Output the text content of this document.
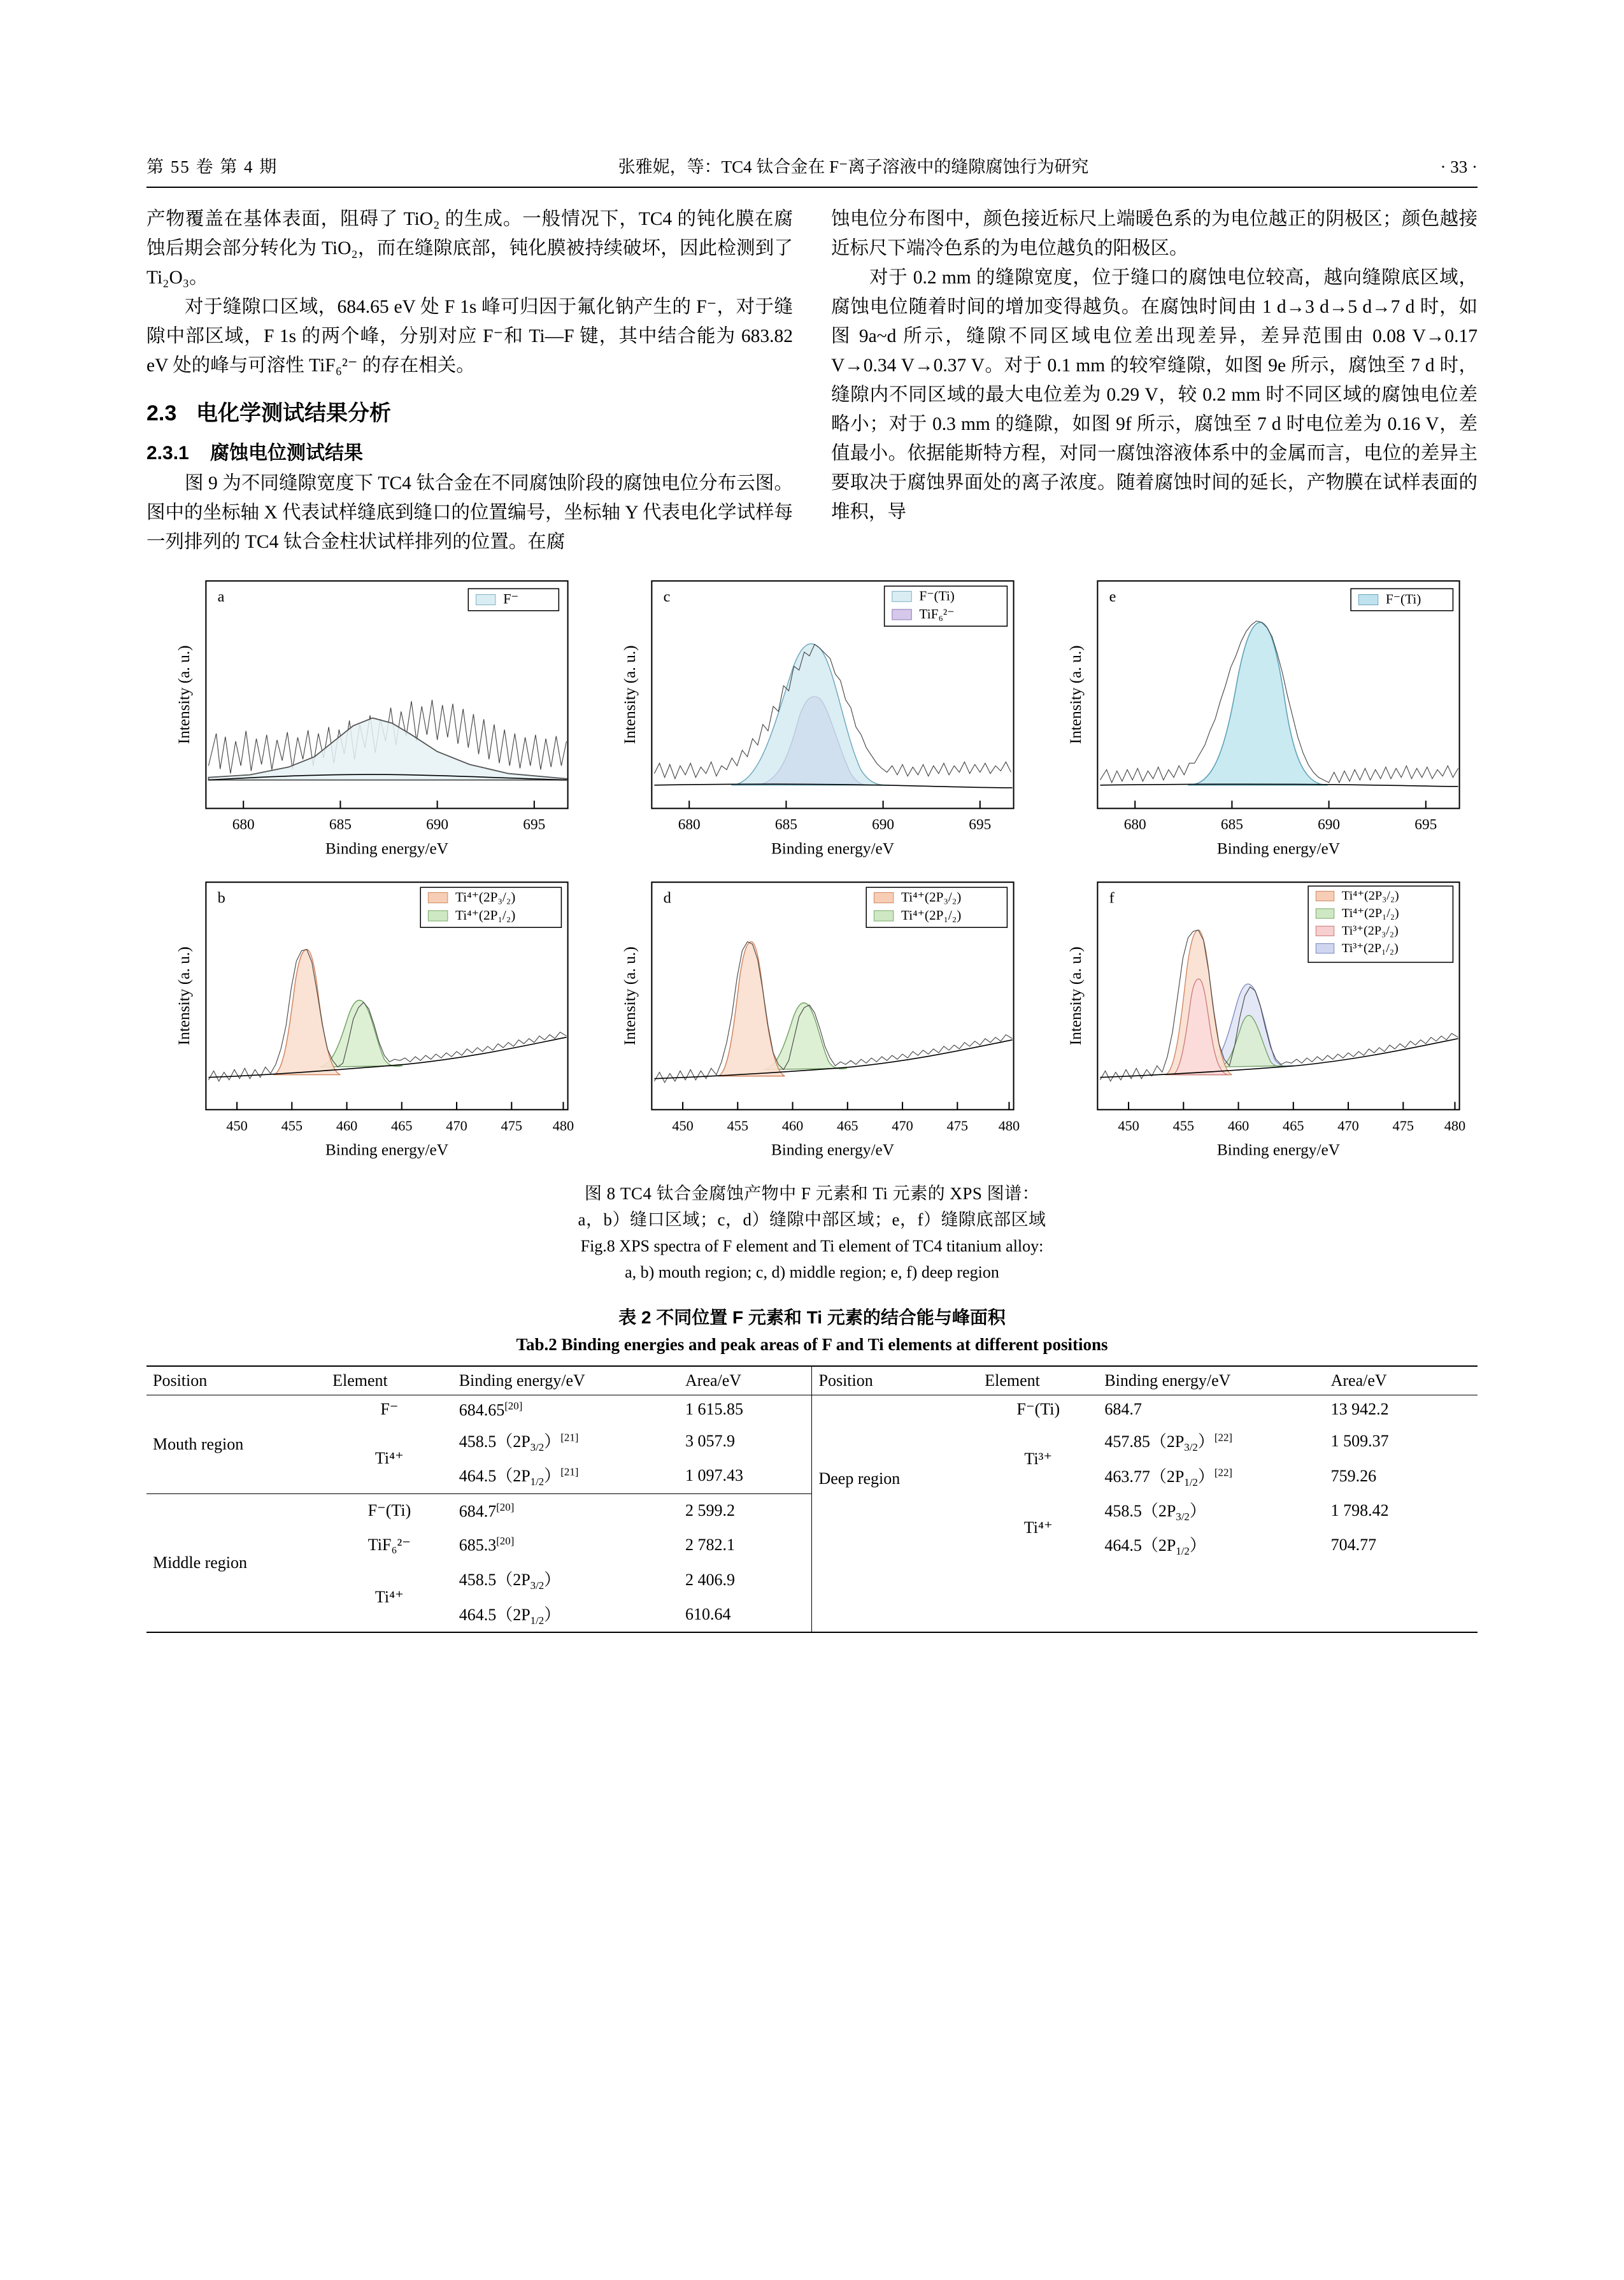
第 55 卷 第 4 期	张雅妮，等：TC4 钛合金在 F⁻离子溶液中的缝隙腐蚀行为研究	· 33 ·

产物覆盖在基体表面，阻碍了 TiO₂ 的生成。一般情况下，TC4 的钝化膜在腐蚀后期会部分转化为 TiO₂，而在缝隙底部，钝化膜被持续破坏，因此检测到了 Ti₂O₃。

对于缝隙口区域，684.65 eV 处 F 1s 峰可归因于氟化钠产生的 F⁻，对于缝隙中部区域，F 1s 的两个峰，分别对应 F⁻和 Ti—F 键，其中结合能为 683.82 eV 处的峰与可溶性 TiF₆²⁻ 的存在相关。

2.3 电化学测试结果分析
2.3.1 腐蚀电位测试结果

图 9 为不同缝隙宽度下 TC4 钛合金在不同腐蚀阶段的腐蚀电位分布云图。图中的坐标轴 X 代表试样缝底到缝口的位置编号，坐标轴 Y 代表电化学试样每一列排列的 TC4 钛合金柱状试样排列的位置。在腐

蚀电位分布图中，颜色接近标尺上端暖色系的为电位越正的阴极区；颜色越接近标尺下端冷色系的为电位越负的阳极区。

对于 0.2 mm 的缝隙宽度，位于缝口的腐蚀电位较高，越向缝隙底区域，腐蚀电位随着时间的增加变得越负。在腐蚀时间由 1 d→3 d→5 d→7 d 时，如图 9a~d 所示，缝隙不同区域电位差出现差异，差异范围由 0.08 V→0.17 V→0.34 V→0.37 V。对于 0.1 mm 的较窄缝隙，如图 9e 所示，腐蚀至 7 d 时，缝隙内不同区域的最大电位差为 0.29 V，较 0.2 mm 时不同区域的腐蚀电位差略小；对于 0.3 mm 的缝隙，如图 9f 所示，腐蚀至 7 d 时电位差为 0.16 V，差值最小。依据能斯特方程，对同一腐蚀溶液体系中的金属而言，电位的差异主要取决于腐蚀界面处的离子浓度。随着腐蚀时间的延长，产物膜在试样表面的堆积，导

a	F⁻
680	685	690	695
Binding energy/eV
Intensity (a. u.)
c	F⁻(Ti)
TiF₆²⁻
680	685	690	695
Binding energy/eV
Intensity (a. u.)
e	F⁻(Ti)
680	685	690	695
Binding energy/eV
Intensity (a. u.)
b	Ti⁴⁺(2P₃/₂)
Ti⁴⁺(2P₁/₂)
450 455 460 465 470 475 480
Binding energy/eV
Intensity (a. u.)
d	Ti⁴⁺(2P₃/₂)
Ti⁴⁺(2P₁/₂)
450 455 460 465 470 475 480
Binding energy/eV
Intensity (a. u.)
f	Ti⁴⁺(2P₃/₂)
Ti⁴⁺(2P₁/₂)
Ti³⁺(2P₃/₂)
Ti³⁺(2P₁/₂)
450 455 460 465 470 475 480
Binding energy/eV
Intensity (a. u.)
图 8 TC4 钛合金腐蚀产物中 F 元素和 Ti 元素的 XPS 图谱：
a，b）缝口区域；c，d）缝隙中部区域；e，f）缝隙底部区域
Fig.8 XPS spectra of F element and Ti element of TC4 titanium alloy:
a, b) mouth region; c, d) middle region; e, f) deep region
表 2 不同位置 F 元素和 Ti 元素的结合能与峰面积
Tab.2 Binding energies and peak areas of F and Ti elements at different positions
Position	Element	Binding energy/eV	Area/eV	Position	Element	Binding energy/eV	Area/eV
Mouth region	F⁻	684.65[20]	1 615.85	Deep region	F⁻(Ti)	684.7	13 942.2
	Ti⁴⁺	$458.5(2P_{3/2})[21]$	3 057.9		Ti³⁺	$457.85(2P_{3/2})[22]$	1 509.37
		$464.5(2P_{1/2})[21]$	1 097.43			$463.77(2P_{1/2})[22]$	759.26
Middle region	F⁻(Ti)	684.7[20]	2 599.2		Ti⁴⁺	$458.5(2P_{3/2})$	1 798.42
	TiF₆²⁻	685.3[20]	2 782.1			$464.5(2P_{1/2})$	704.77
	Ti⁴⁺	$458.5(2P_{3/2})$	2 406.9				
		$464.5(2P_{1/2})$	610.64				
